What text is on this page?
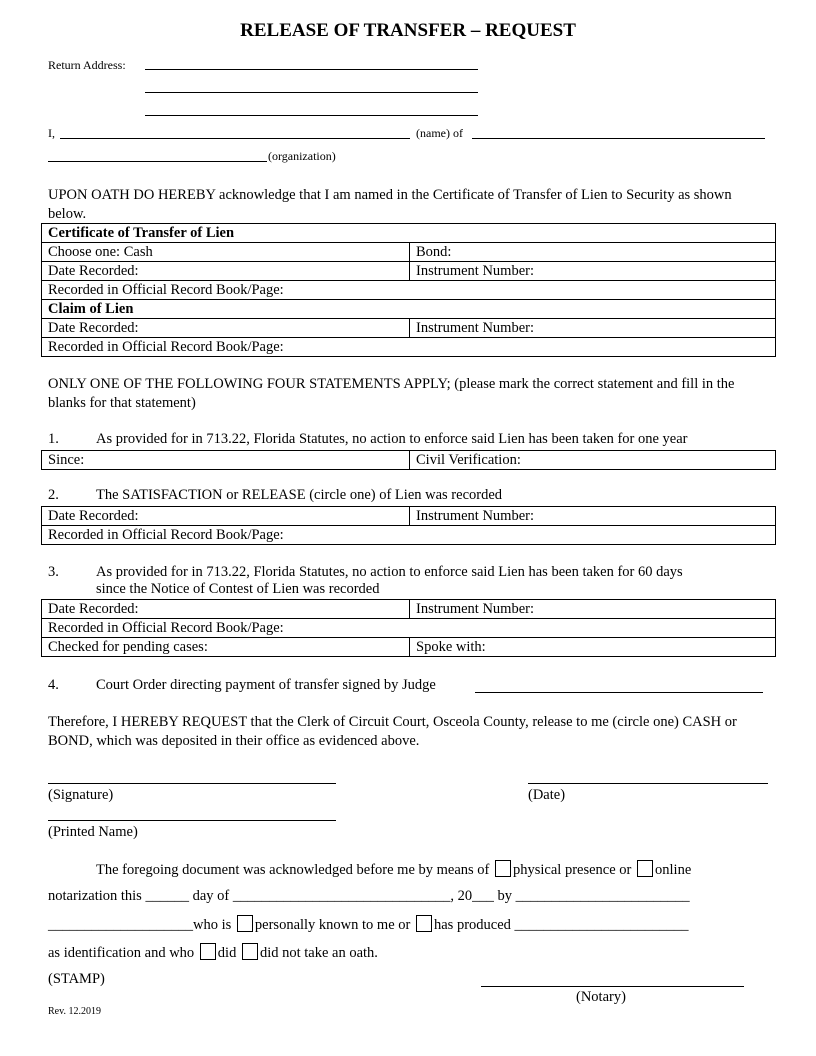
RELEASE OF TRANSFER – REQUEST
Return Address:
I,	(name) of
(organization)
UPON OATH DO HEREBY acknowledge that I am named in the Certificate of Transfer of Lien to Security as shown below.
Certificate of Transfer of Lien	
Choose one: Cash	Bond:
Date Recorded:	Instrument Number:
Recorded in Official Record Book/Page:	
Claim of Lien	
Date Recorded:	Instrument Number:
Recorded in Official Record Book/Page:	
ONLY ONE OF THE FOLLOWING FOUR STATEMENTS APPLY; (please mark the correct statement and fill in the blanks for that statement)
1.	As provided for in 713.22, Florida Statutes, no action to enforce said Lien has been taken for one year
Since:	Civil Verification:
2.	The SATISFACTION or RELEASE (circle one) of Lien was recorded
Date Recorded:	Instrument Number:
Recorded in Official Record Book/Page:
3.	As provided for in 713.22, Florida Statutes, no action to enforce said Lien has been taken for 60 days
since the Notice of Contest of Lien was recorded
Date Recorded:	Instrument Number:
Recorded in Official Record Book/Page:	
Checked for pending cases:	Spoke with:
4.	Court Order directing payment of transfer signed by Judge
Therefore, I HEREBY REQUEST that the Clerk of Circuit Court, Osceola County, release to me (circle one) CASH or BOND, which was deposited in their office as evidenced above.
(Signature)	(Date)
(Printed Name)
The foregoing document was acknowledged before me by means of physical presence or online
notarization this ______ day of ______________________________, 20___ by ________________________
____________________who is personally known to me or has produced ________________________
as identification and who did did not take an oath.
(STAMP)
(Notary)
Rev. 12.2019
